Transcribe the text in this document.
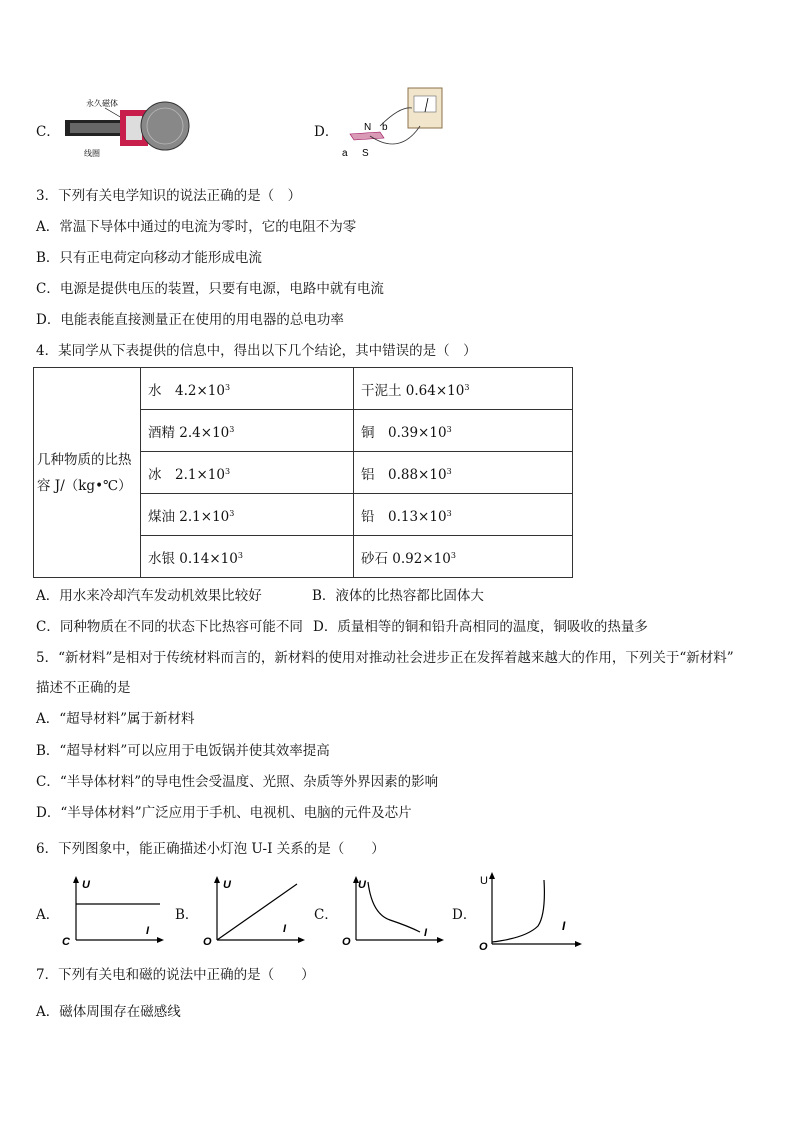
C．
永久磁体
线圈
D．	N b
a S
3．下列有关电学知识的说法正确的是（　）
A．常温下导体中通过的电流为零时，它的电阻不为零
B．只有正电荷定向移动才能形成电流
C．电源是提供电压的装置，只要有电源，电路中就有电流
D．电能表能直接测量正在使用的用电器的总电功率
4．某同学从下表提供的信息中，得出以下几个结论，其中错误的是（　）
几种物质的比热
容 J/（kg•℃）	水　$4.2\times 10^3$	干泥土 $0.64\times 10^3$
	酒精 $2.4\times 10^3$	铜　$0.39\times 10^3$
	冰　$2.1\times 10^3$	铝　$0.88\times 10^3$
	煤油 $2.1\times 10^3$	铅　$0.13\times 10^3$
	水银 $0.14\times 10^3$	砂石 $0.92\times 10^3$
A．用水来冷却汽车发动机效果比较好	B．液体的比热容都比固体大
C．同种物质在不同的状态下比热容可能不同 D．质量相等的铜和铅升高相同的温度，铜吸收的热量多
5．“新材料”是相对于传统材料而言的，新材料的使用对推动社会进步正在发挥着越来越大的作用，下列关于“新材料”
描述不正确的是
A．“超导材料”属于新材料
B．“超导材料”可以应用于电饭锅并使其效率提高
C．“半导体材料”的导电性会受温度、光照、杂质等外界因素的影响
D．“半导体材料”广泛应用于手机、电视机、电脑的元件及芯片
6．下列图象中，能正确描述小灯泡 U-I 关系的是（　　）
A．
U
I
C
B．
U
I
O
C．
U
I
O
D．
U
I
O
7．下列有关电和磁的说法中正确的是（　　）
A．磁体周围存在磁感线
